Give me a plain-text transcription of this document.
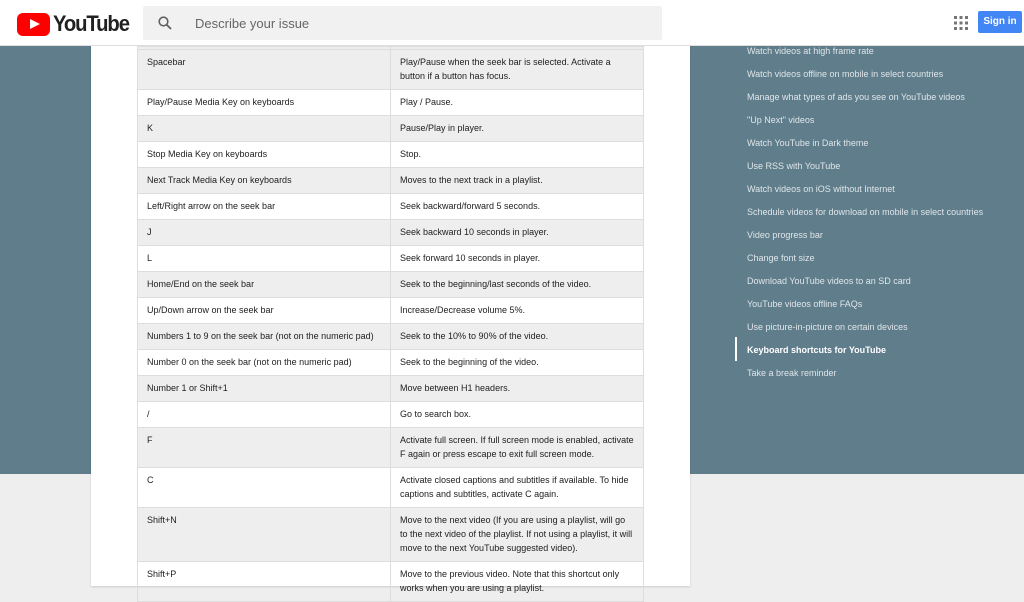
YouTube
Describe your issue	Sign in

Spacebar	Play/Pause when the seek bar is selected. Activate a button if a button has focus.
Play/Pause Media Key on keyboards	Play / Pause.
K	Pause/Play in player.
Stop Media Key on keyboards	Stop.
Next Track Media Key on keyboards	Moves to the next track in a playlist.
Left/Right arrow on the seek bar	Seek backward/forward 5 seconds.
J	Seek backward 10 seconds in player.
L	Seek forward 10 seconds in player.
Home/End on the seek bar	Seek to the beginning/last seconds of the video.
Up/Down arrow on the seek bar	Increase/Decrease volume 5%.
Numbers 1 to 9 on the seek bar (not on the numeric pad)	Seek to the 10% to 90% of the video.
Number 0 on the seek bar (not on the numeric pad)	Seek to the beginning of the video.
Number 1 or Shift+1	Move between H1 headers.
/	Go to search box.
F	Activate full screen. If full screen mode is enabled, activate F again or press escape to exit full screen mode.
C	Activate closed captions and subtitles if available. To hide captions and subtitles, activate C again.
Shift+N	Move to the next video (If you are using a playlist, will go to the next video of the playlist. If not using a playlist, it will move to the next YouTube suggested video).
Shift+P	Move to the previous video. Note that this shortcut only works when you are using a playlist.
Watch videos at high frame rate
Watch videos offline on mobile in select countries
Manage what types of ads you see on YouTube videos
"Up Next" videos
Watch YouTube in Dark theme
Use RSS with YouTube
Watch videos on iOS without Internet
Schedule videos for download on mobile in select countries
Video progress bar
Change font size
Download YouTube videos to an SD card
YouTube videos offline FAQs
Use picture-in-picture on certain devices
Keyboard shortcuts for YouTube
Take a break reminder
